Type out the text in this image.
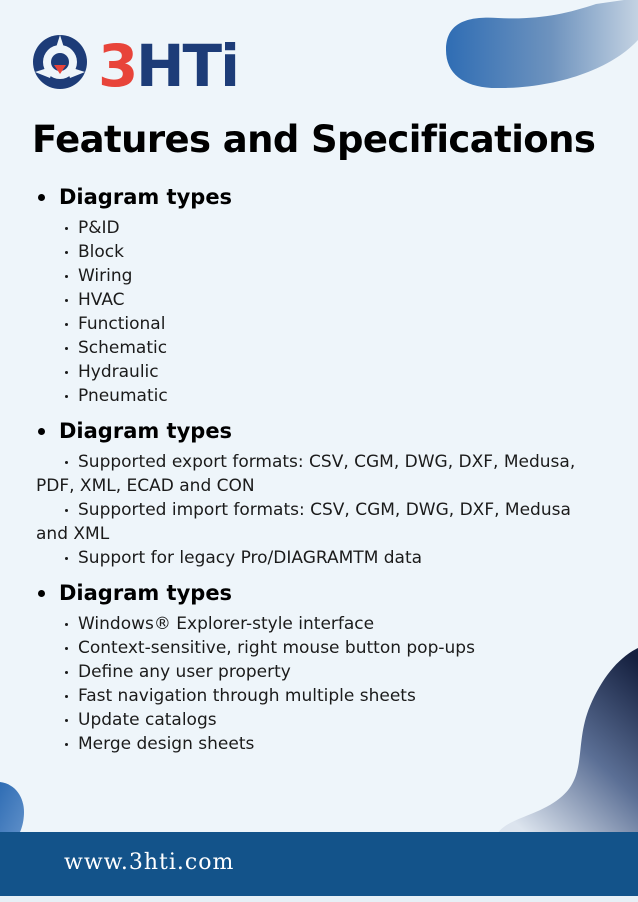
3 HTi
Features and Specifications
Diagram types
P&ID
Block
Wiring
HVAC
Functional
Schematic
Hydraulic
Pneumatic
Diagram types
Supported export formats: CSV, CGM, DWG, DXF, Medusa, PDF, XML, ECAD and CON
Supported import formats: CSV, CGM, DWG, DXF, Medusa and XML
Support for legacy Pro/DIAGRAMTM data
Diagram types
Windows® Explorer-style interface
Context-sensitive, right mouse button pop-ups
Define any user property
Fast navigation through multiple sheets
Update catalogs
Merge design sheets
www.3hti.com
